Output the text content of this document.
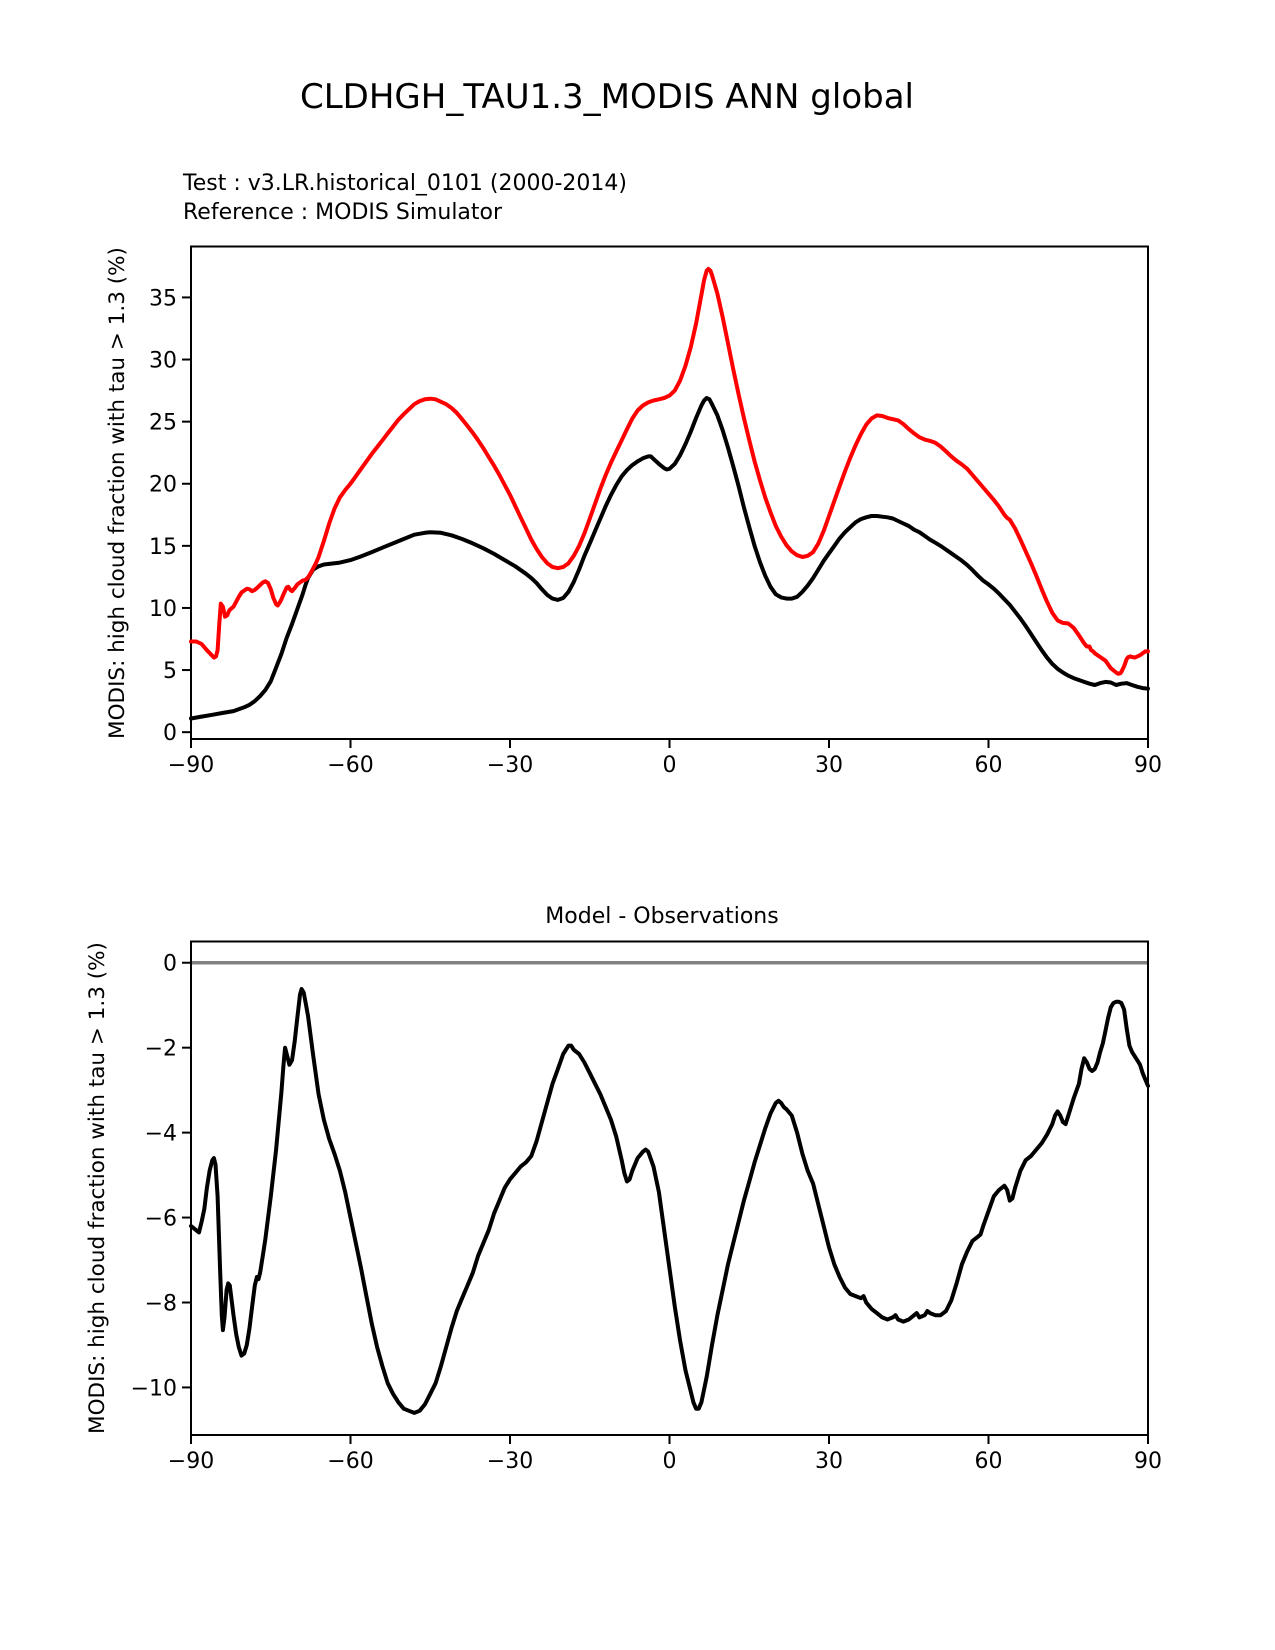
CLDHGH_TAU1.3_MODIS ANN global
Test : v3.LR.historical_0101 (2000-2014)
Reference : MODIS Simulator
MODIS: high cloud fraction with tau > 1.3 (%)
Model - Observations
MODIS: high cloud fraction with tau > 1.3 (%)
−90	−60	−30	0	30	60	90
0
5
10
15
20
25
30
35
−90	−60	−30	0	30	60	90
0
−2
−4
−6
−8
−10
